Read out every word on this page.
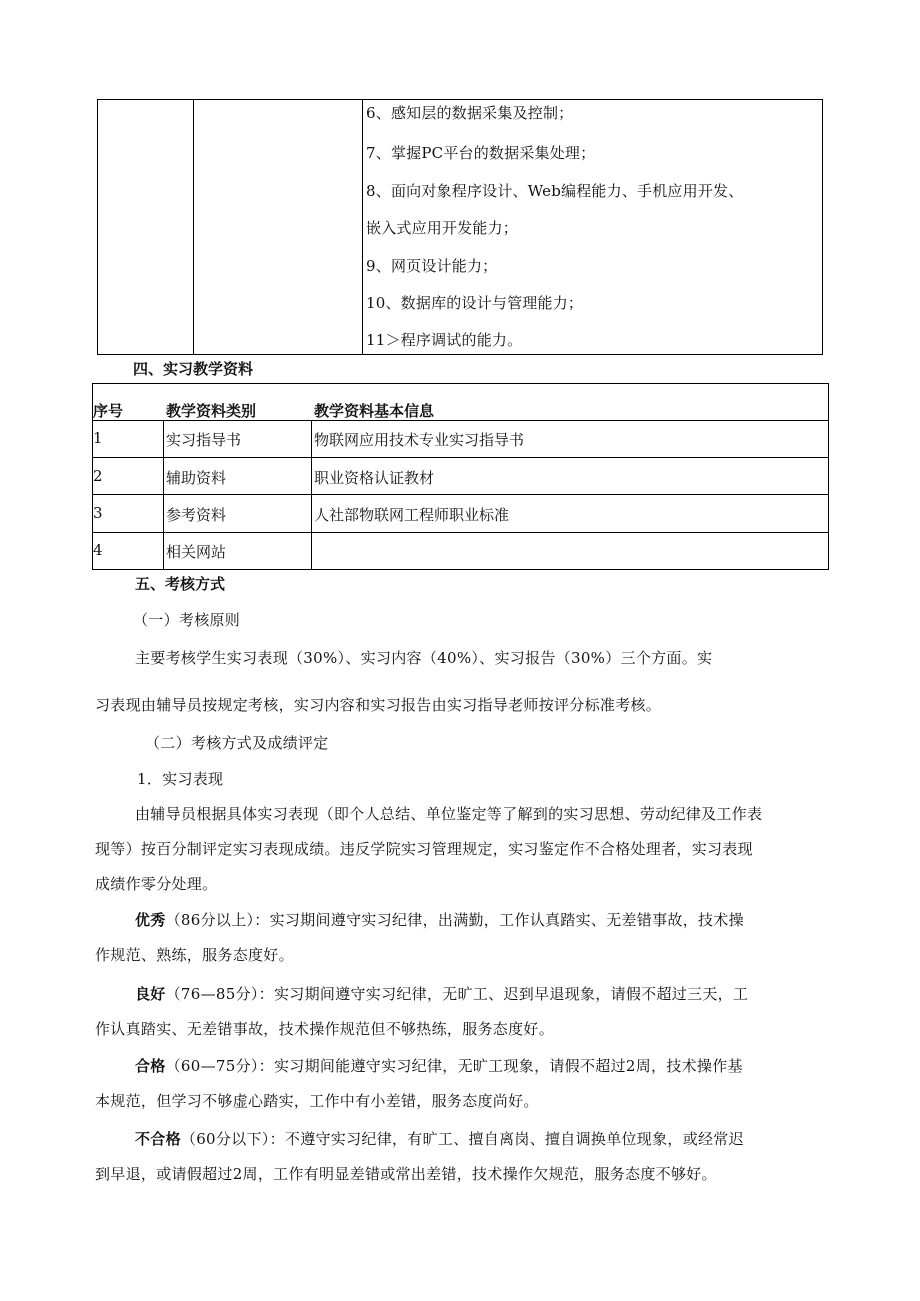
6、感知层的数据采集及控制；
7、掌握PC平台的数据采集处理；
8、面向对象程序设计、Web编程能力、手机应用开发、
嵌入式应用开发能力；
9、网页设计能力；
10、数据库的设计与管理能力；
11＞程序调试的能力。
四、实习教学资料
序号	教学资料类别	教学资料基本信息
1	实习指导书	物联网应用技术专业实习指导书
2	辅助资料	职业资格认证教材
3	参考资料	人社部物联网工程师职业标准
4	相关网站
五、考核方式
（一）考核原则
主要考核学生实习表现（30%）、实习内容（40%）、实习报告（30%）三个方面。实
习表现由辅导员按规定考核，实习内容和实习报告由实习指导老师按评分标准考核。
（二）考核方式及成绩评定
1．实习表现
由辅导员根据具体实习表现（即个人总结、单位鉴定等了解到的实习思想、劳动纪律及工作表
现等）按百分制评定实习表现成绩。违反学院实习管理规定，实习鉴定作不合格处理者，实习表现
成绩作零分处理。
优秀（86分以上）：实习期间遵守实习纪律，出满勤，工作认真踏实、无差错事故，技术操
作规范、熟练，服务态度好。
良好（76—85分）：实习期间遵守实习纪律，无旷工、迟到早退现象，请假不超过三天，工
作认真踏实、无差错事故，技术操作规范但不够热练，服务态度好。
合格（60—75分）：实习期间能遵守实习纪律，无旷工现象，请假不超过2周，技术操作基
本规范，但学习不够虚心踏实，工作中有小差错，服务态度尚好。
不合格（60分以下）：不遵守实习纪律，有旷工、擅自离岗、擅自调换单位现象，或经常迟
到早退，或请假超过2周，工作有明显差错或常出差错，技术操作欠规范，服务态度不够好。
